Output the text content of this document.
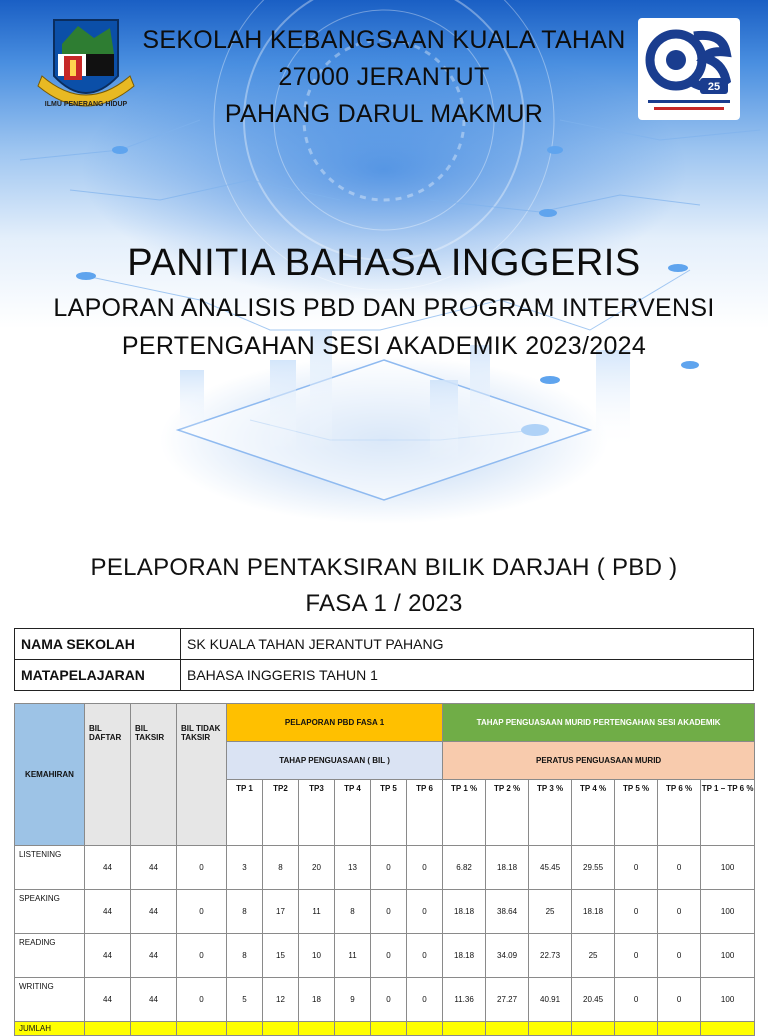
ILMU PENERANG HIDUP
25
SEKOLAH KEBANGSAAN KUALA TAHAN
27000 JERANTUT
PAHANG DARUL MAKMUR
PANITIA BAHASA INGGERIS
LAPORAN ANALISIS PBD DAN PROGRAM INTERVENSI
PERTENGAHAN SESI AKADEMIK 2023/2024
PELAPORAN PENTAKSIRAN BILIK DARJAH ( PBD )
FASA 1 / 2023
NAMA SEKOLAH	SK KUALA TAHAN JERANTUT PAHANG
MATAPELAJARAN	BAHASA INGGERIS TAHUN 1
KEMAHIRAN	BIL DAFTAR	BIL TAKSIR	BIL TIDAK TAKSIR	PELAPORAN PBD FASA 1						TAHAP PENGUASAAN MURID PERTENGAHAN SESI AKADEMIK						
				TAHAP PENGUASAAN ( BIL )						PERATUS PENGUASAAN MURID						
				TP 1	TP2	TP3	TP 4	TP 5	TP 6	TP 1 %	TP 2 %	TP 3 %	TP 4 %	TP 5 %	TP 6 %	TP 1 – TP 6 %
LISTENING	44	44	0	3	8	20	13	0	0	6.82	18.18	45.45	29.55	0	0	100
SPEAKING	44	44	0	8	17	11	8	0	0	18.18	38.64	25	18.18	0	0	100
READING	44	44	0	8	15	10	11	0	0	18.18	34.09	22.73	25	0	0	100
WRITING	44	44	0	5	12	18	9	0	0	11.36	27.27	40.91	20.45	0	0	100
JUMLAH																
